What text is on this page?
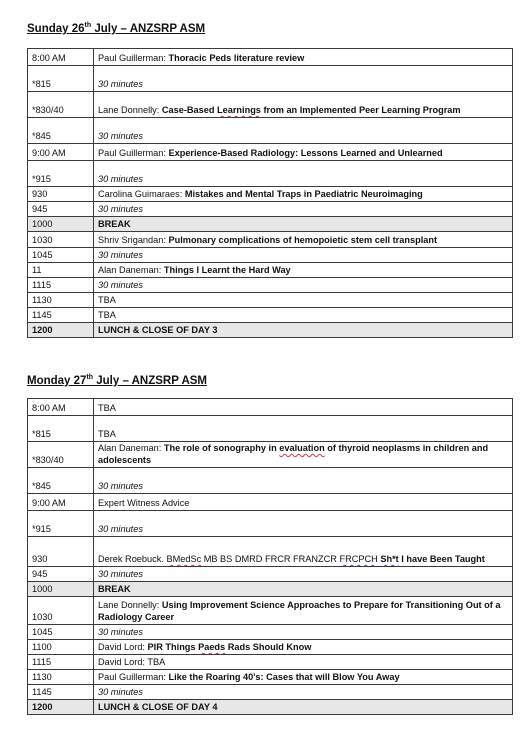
Sunday 26th July – ANZSRP ASM
8:00 AM	Paul Guillerman: Thoracic Peds literature review
*815	30 minutes
*830/40	Lane Donnelly: Case-Based Learnings from an Implemented Peer Learning Program
*845	30 minutes
9:00 AM	Paul Guillerman: Experience-Based Radiology: Lessons Learned and Unlearned
*915	30 minutes
930	Carolina Guimaraes: Mistakes and Mental Traps in Paediatric Neuroimaging
945	30 minutes
1000	BREAK
1030	Shriv Srigandan: Pulmonary complications of hemopoietic stem cell transplant
1045	30 minutes
11	Alan Daneman: Things I Learnt the Hard Way
1115	30 minutes
1130	TBA
1145	TBA
1200	LUNCH & CLOSE OF DAY 3
Monday 27th July – ANZSRP ASM
8:00 AM	TBA
*815	TBA
*830/40	Alan Daneman: The role of sonography in evaluation of thyroid neoplasms in children and adolescents
*845	30 minutes
9:00 AM	Expert Witness Advice
*915	30 minutes
930	Derek Roebuck. BMedSc MB BS DMRD FRCR FRANZCR FRCPCH Sh*t I have Been Taught
945	30 minutes
1000	BREAK
1030	Lane Donnelly: Using Improvement Science Approaches to Prepare for Transitioning Out of a Radiology Career
1045	30 minutes
1100	David Lord: PIR Things Paeds Rads Should Know
1115	David Lord: TBA
1130	Paul Guillerman: Like the Roaring 40's: Cases that will Blow You Away
1145	30 minutes
1200	LUNCH & CLOSE OF DAY 4
